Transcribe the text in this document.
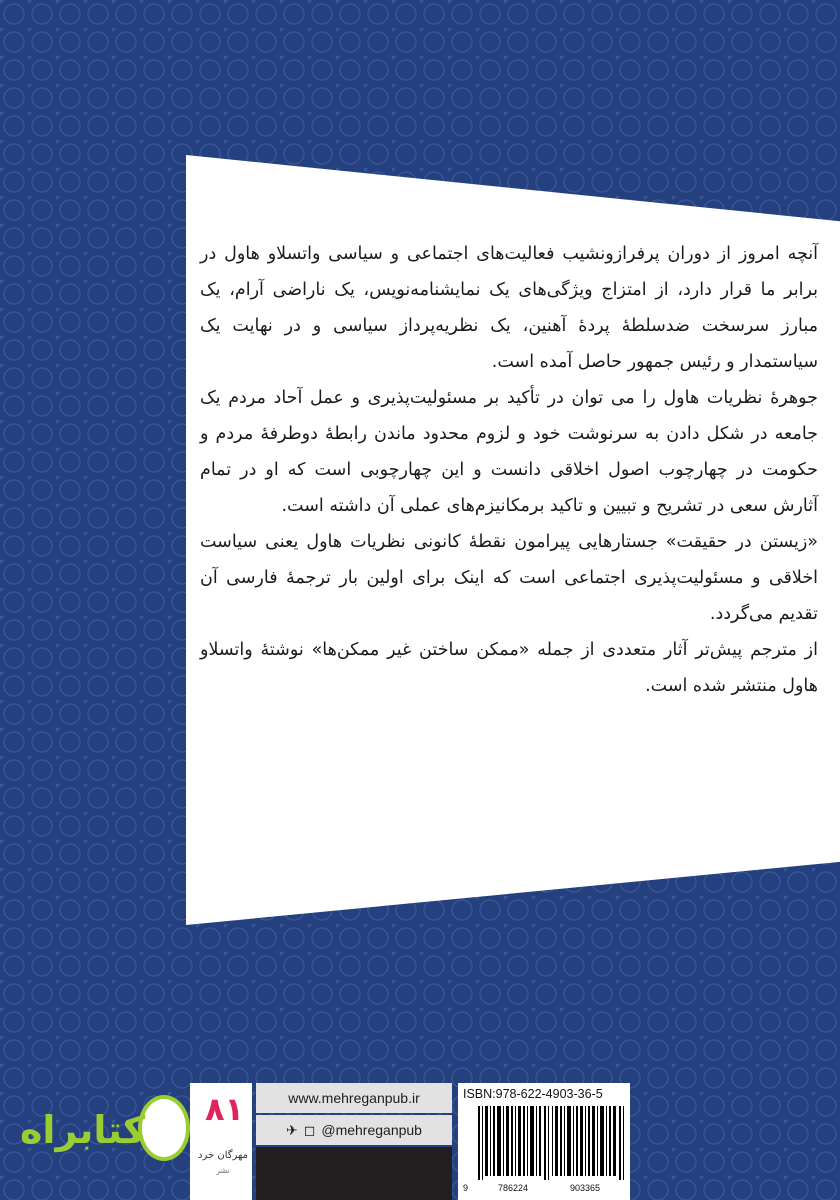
آنچه امروز از دوران پرفرازونشیب فعالیت‌های اجتماعی و سیاسی واتسلاو هاول در برابر ما قرار دارد، از امتزاج ویژگی‌های یک نمایشنامه‌نویس، یک ناراضی آرام، یک مبارز سرسخت ضدسلطهٔ پردهٔ آهنین، یک نظریه‌پرداز سیاسی و در نهایت یک سیاستمدار و رئیس جمهور حاصل آمده است.

جوهرهٔ نظریات هاول را می توان در تأکید بر مسئولیت‌پذیری و عمل آحاد مردم یک جامعه در شکل دادن به سرنوشت خود و لزوم محدود ماندن رابطهٔ دوطرفهٔ مردم و حکومت در چهارچوب اصول اخلاقی دانست و این چهارچوبی است که او در تمام آثارش سعی در تشریح و تبیین و تاکید برمکانیزم‌های عملی آن داشته است.

«زیستن در حقیقت» جستارهایی پیرامون نقطهٔ کانونی نظریات هاول یعنی سیاست اخلاقی و مسئولیت‌پذیری اجتماعی است که اینک برای اولین بار ترجمهٔ فارسی آن تقدیم می‌گردد.

از مترجم پیش‌تر آثار متعددی از جمله «ممکن ساختن غیر ممکن‌ها» نوشتهٔ واتسلاو هاول منتشر شده است.

کتابراه ۸۱
مهرگان خرد
نشر
www.mehreganpub.ir
✈ ◻ @mehreganpub
ISBN:978-622-4903-36-5
9	786224	903365
